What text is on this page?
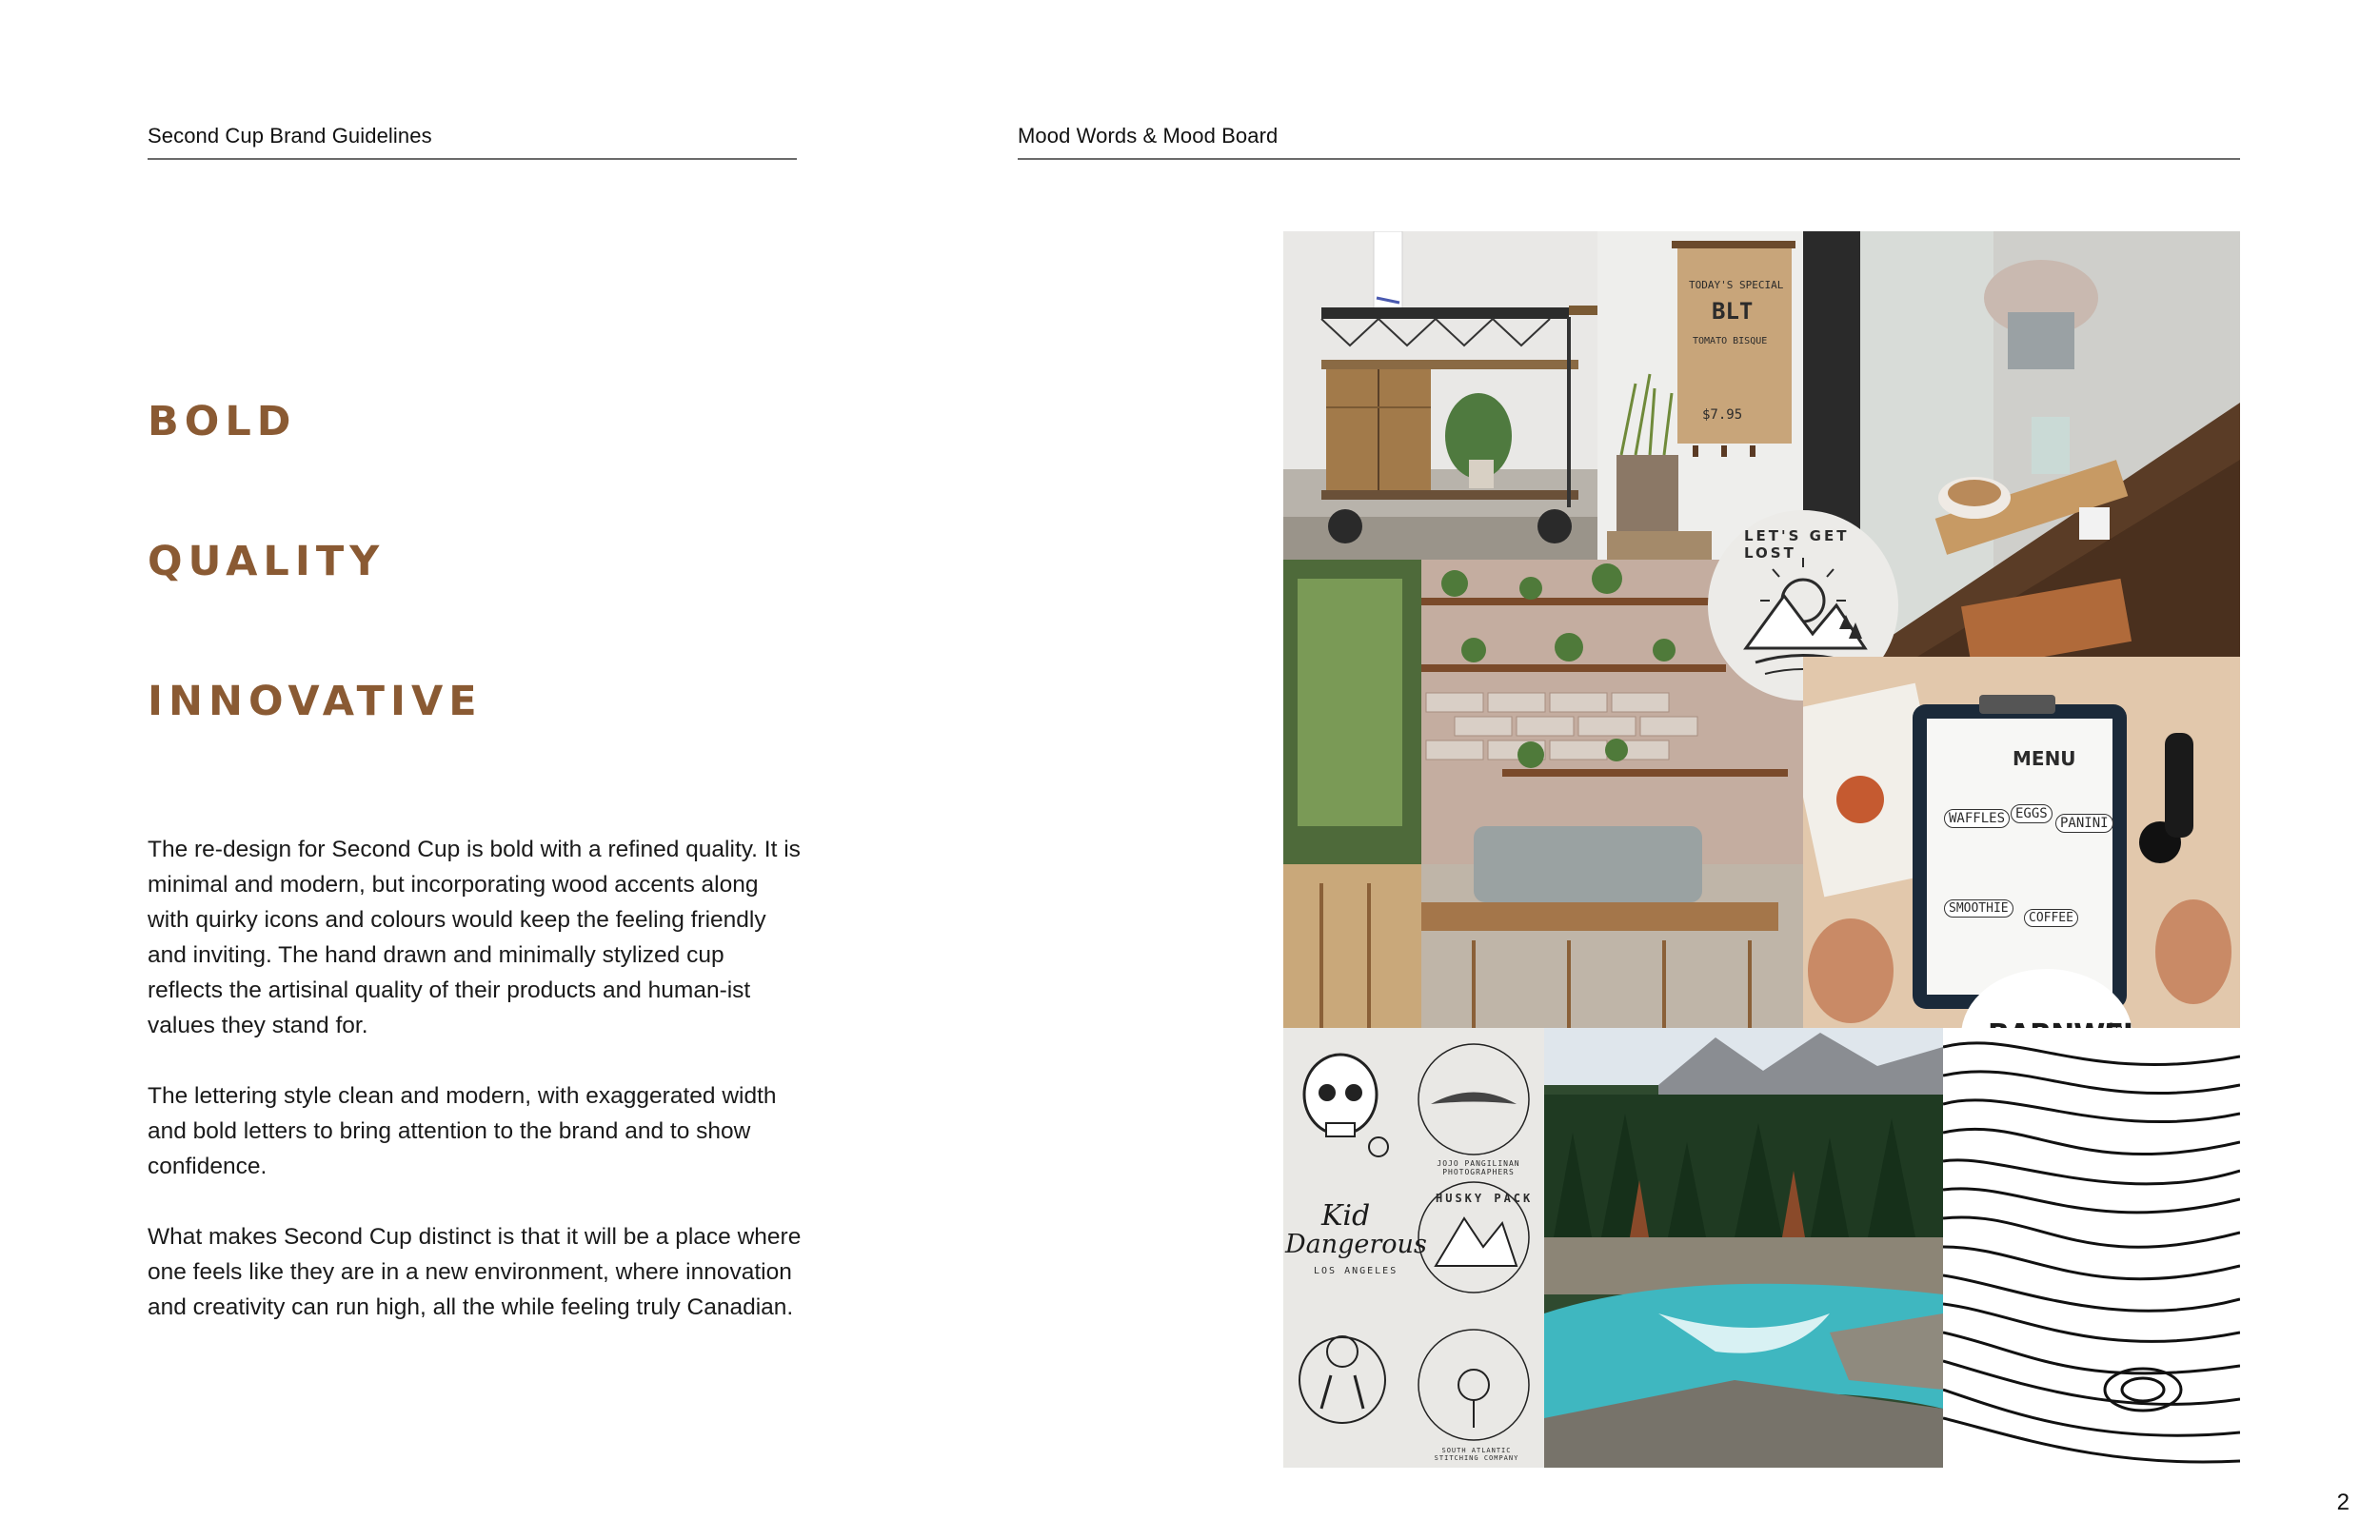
Second Cup Brand Guidelines	Mood Words & Mood Board
BOLD
QUALITY
INNOVATIVE

The re-design for Second Cup is bold with a refined quality. It is minimal and modern, but incorporating wood accents along with quirky icons and colours would keep the feeling friendly and inviting. The hand drawn and minimally stylized cup reflects the artisinal quality of their products and human-ist values they stand for.

The lettering style clean and modern, with exaggerated width and bold letters to bring attention to the brand and to show confidence.

What makes Second Cup distinct is that it will be a place where one feels like they are in a new environment, where innovation and creativity can run high, all the while feeling truly Canadian.

TODAY'S SPECIAL
BLT
TOMATO BISQUE
$7.95
LET'S GET LOST
MENU
WAFFLES EGGS
PANINI
SMOOTHIE
COFFEE
JOJO PANGILINAN PHOTOGRAPHERS
Kid
Dangerous
LOS ANGELES
HUSKY PACK
SOUTH ATLANTIC STITCHING COMPANY
2
